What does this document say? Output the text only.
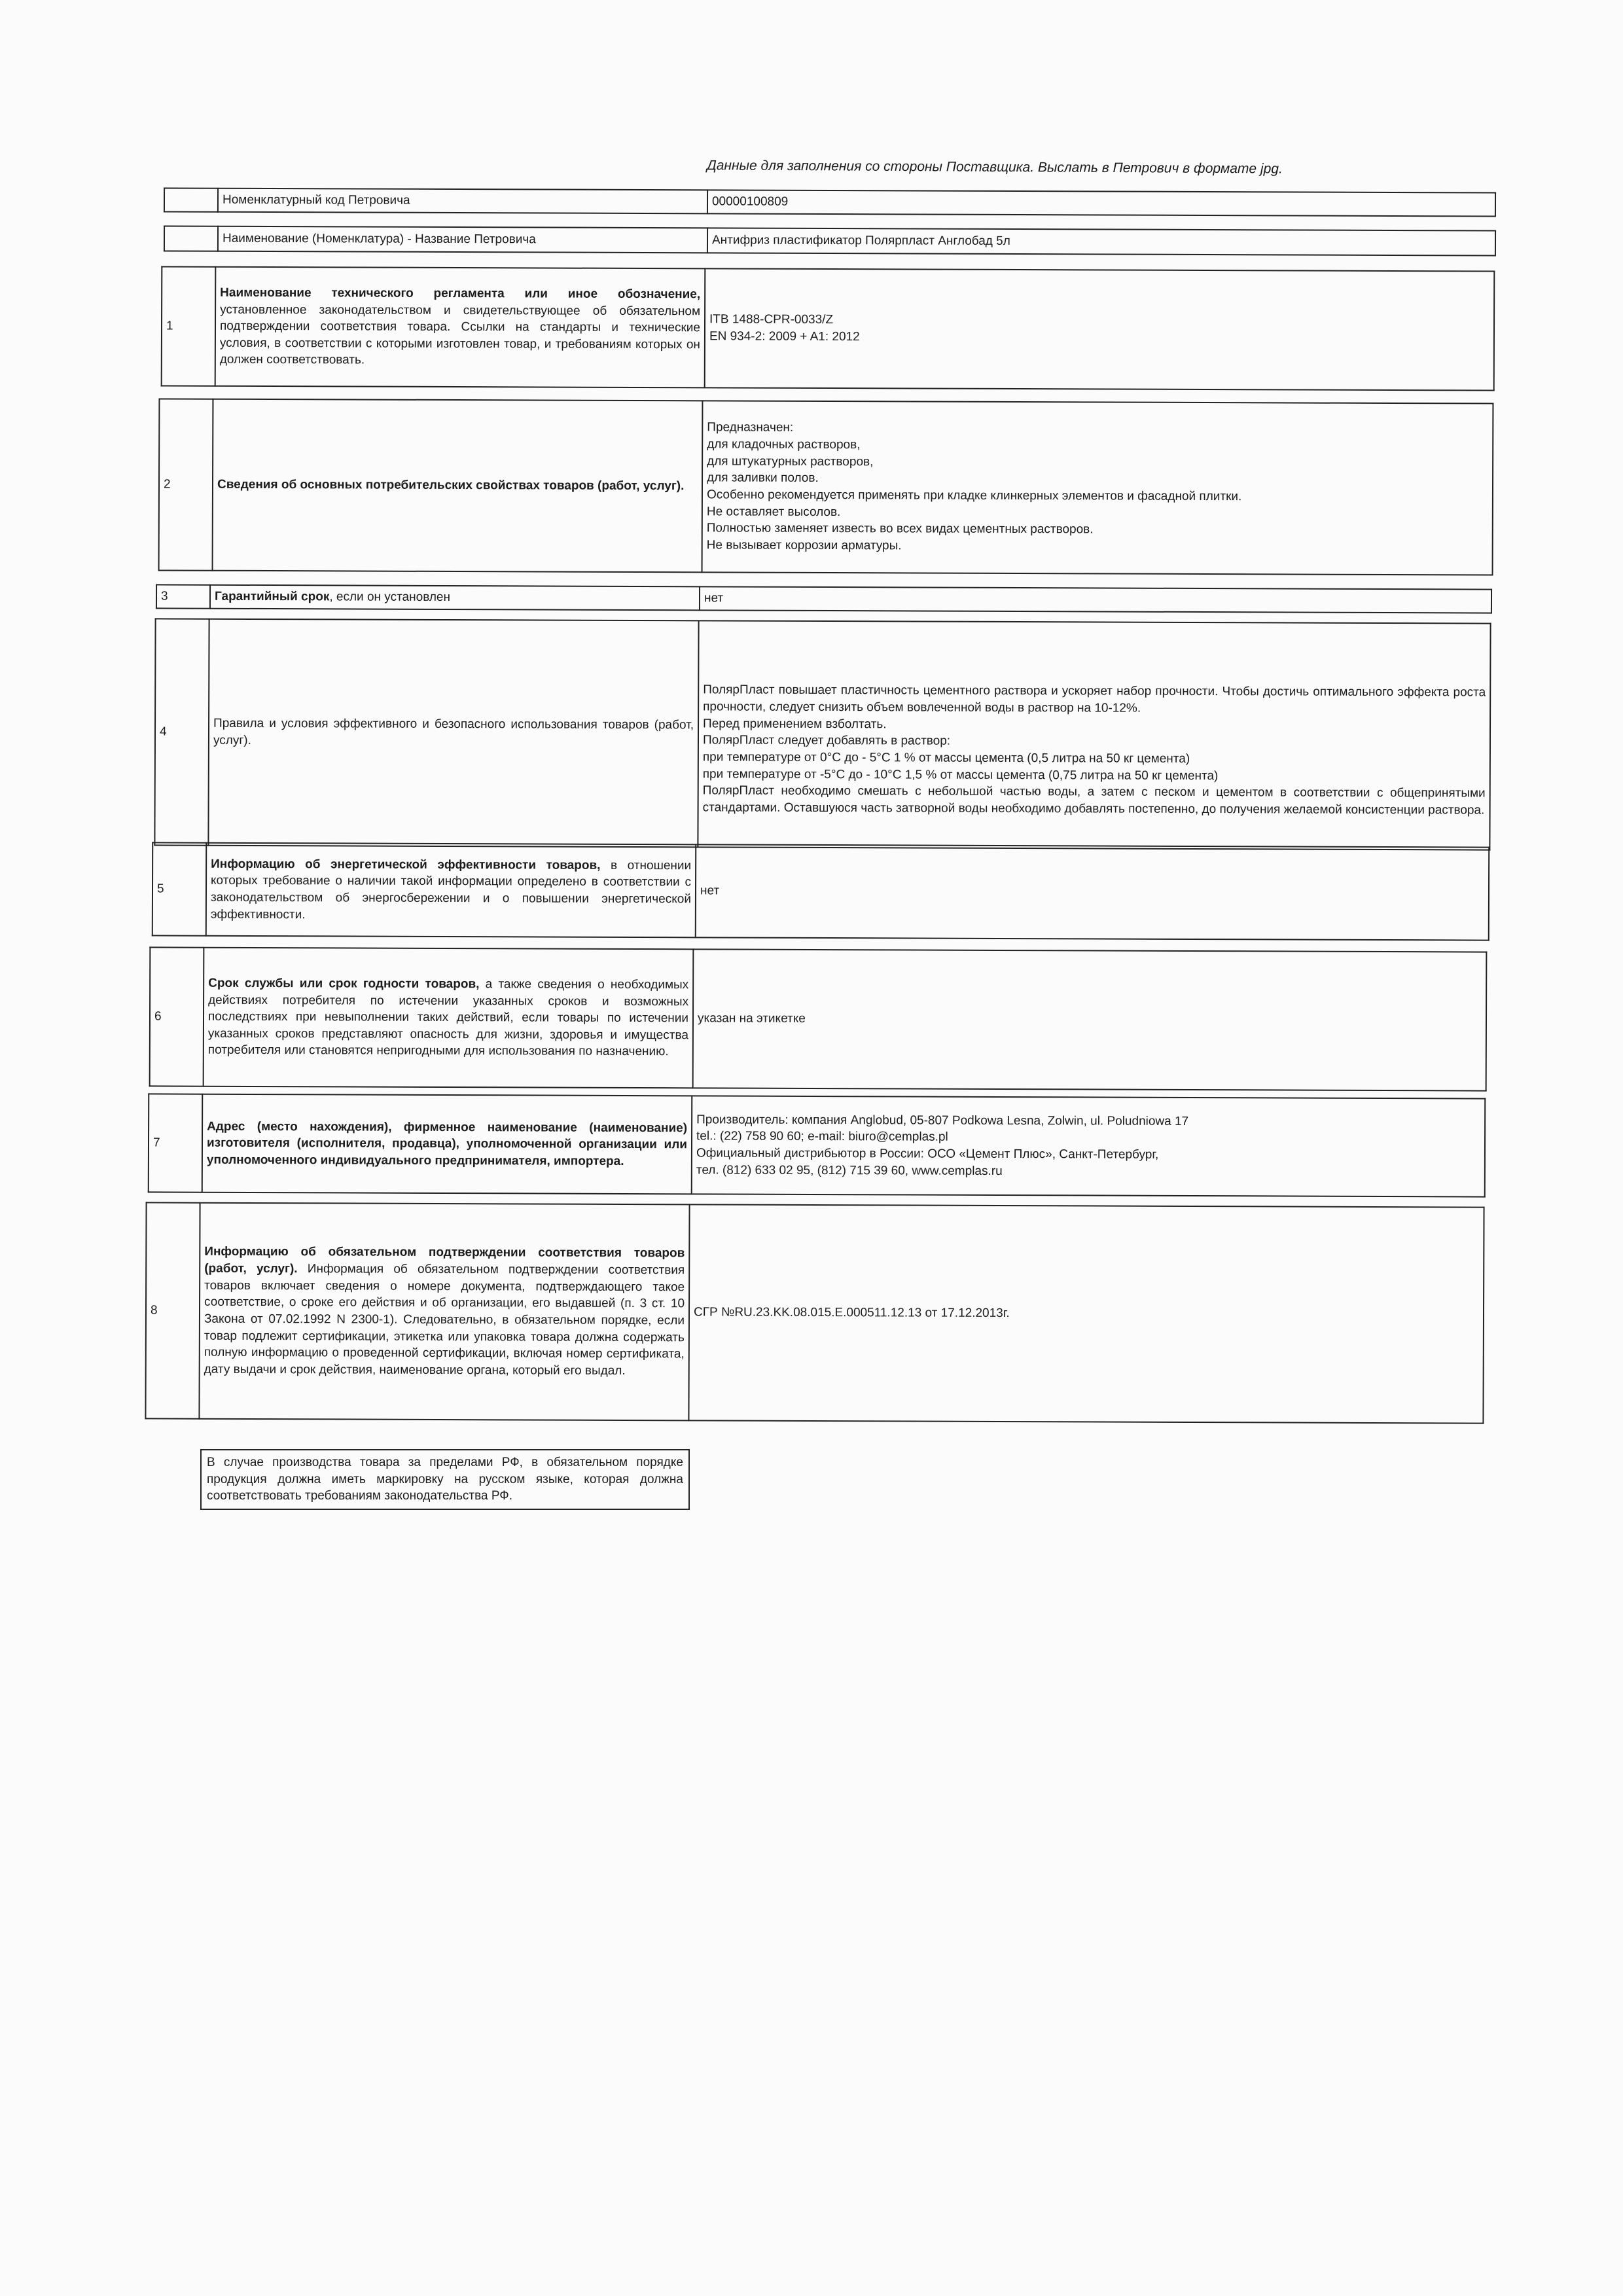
Данные для заполнения со стороны Поставщика. Выслать в Петрович в формате jpg.
	Номенклатурный код Петровича	00000100809
	Наименование (Номенклатура) - Название Петровича	Антифриз пластификатор Полярпласт Англобад 5л
1	Наименование технического регламента или иное обозначение, установленное законодательством и свидетельствующее об обязательном подтверждении соответствия товара. Ссылки на стандарты и технические условия, в соответствии с которыми изготовлен товар, и требованиям которых он должен соответствовать.	ITB 1488-CPR-0033/Z
EN 934-2: 2009 + A1: 2012
2	Сведения об основных потребительских свойствах товаров (работ, услуг).	Предназначен:
для кладочных растворов,
для штукатурных растворов,
для заливки полов.
Особенно рекомендуется применять при кладке клинкерных элементов и фасадной плитки.
Не оставляет высолов.
Полностью заменяет известь во всех видах цементных растворов.
Не вызывает коррозии арматуры.
3	Гарантийный срок, если он установлен	нет
4	Правила и условия эффективного и безопасного использования товаров (работ, услуг).	ПолярПласт повышает пластичность цементного раствора и ускоряет набор прочности. Чтобы достичь оптимального эффекта роста прочности, следует снизить объем вовлеченной воды в раствор на 10-12%.
Перед применением взболтать.
ПолярПласт следует добавлять в раствор:
при температуре от 0°С до - 5°С 1 % от массы цемента (0,5 литра на 50 кг цемента)
при температуре от -5°С до - 10°С 1,5 % от массы цемента (0,75 литра на 50 кг цемента)
ПолярПласт необходимо смешать с небольшой частью воды, а затем с песком и цементом в соответствии с общепринятыми стандартами. Оставшуюся часть затворной воды необходимо добавлять постепенно, до получения желаемой консистенции раствора.
5	Информацию об энергетической эффективности товаров, в отношении которых требование о наличии такой информации определено в соответствии с законодательством об энергосбережении и о повышении энергетической эффективности.	нет
6	Срок службы или срок годности товаров, а также сведения о необходимых действиях потребителя по истечении указанных сроков и возможных последствиях при невыполнении таких действий, если товары по истечении указанных сроков представляют опасность для жизни, здоровья и имущества потребителя или становятся непригодными для использования по назначению.	указан на этикетке
7	Адрес (место нахождения), фирменное наименование (наименование) изготовителя (исполнителя, продавца), уполномоченной организации или уполномоченного индивидуального предпринимателя, импортера.	Производитель: компания Anglobud, 05-807 Podkowa Lesna, Zolwin, ul. Poludniowa 17
tel.: (22) 758 90 60; e-mail: biuro@cemplas.pl
Официальный дистрибьютор в России: ОСО «Цемент Плюс», Санкт-Петербург,
тел. (812) 633 02 95, (812) 715 39 60, www.cemplas.ru
8	Информацию об обязательном подтверждении соответствия товаров (работ, услуг). Информация об обязательном подтверждении соответствия товаров включает сведения о номере документа, подтверждающего такое соответствие, о сроке его действия и об организации, его выдавшей (п. 3 ст. 10 Закона от 07.02.1992 N 2300-1). Следовательно, в обязательном порядке, если товар подлежит сертификации, этикетка или упаковка товара должна содержать полную информацию о проведенной сертификации, включая номер сертификата, дату выдачи и срок действия, наименование органа, который его выдал.	СГР №RU.23.KK.08.015.E.000511.12.13 от 17.12.2013г.
В случае производства товара за пределами РФ, в обязательном порядке продукция должна иметь маркировку на русском языке, которая должна соответствовать требованиям законодательства РФ.
